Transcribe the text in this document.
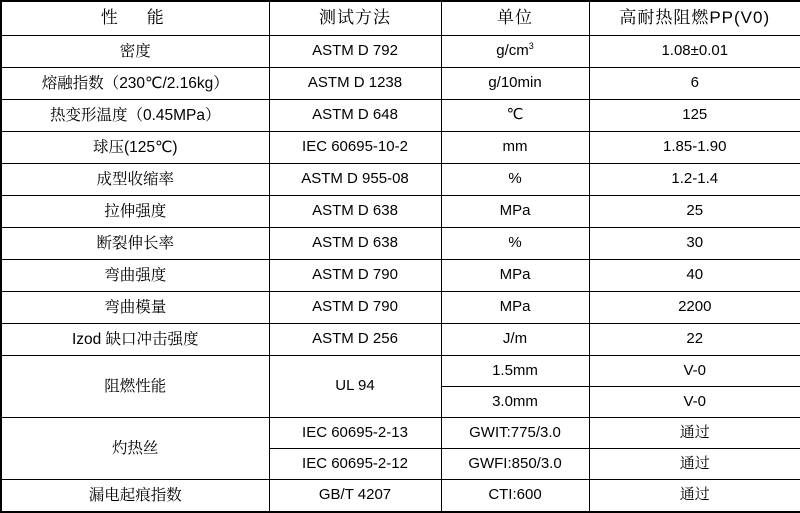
性　能	测试方法	单位	高耐热阻燃PP(V0)
密度	ASTM D 792	$g/cm^3$	1.08±0.01
熔融指数（230℃/2.16kg）	ASTM D 1238	g/10min	6
热变形温度（0.45MPa）	ASTM D 648	℃	125
球压(125℃)	IEC 60695-10-2	mm	1.85-1.90
成型收缩率	ASTM D 955-08	%	1.2-1.4
拉伸强度	ASTM D 638	MPa	25
断裂伸长率	ASTM D 638	%	30
弯曲强度	ASTM D 790	MPa	40
弯曲模量	ASTM D 790	MPa	2200
Izod 缺口冲击强度	ASTM D 256	J/m	22
阻燃性能	UL 94	1.5mm	V-0
		3.0mm	V-0
灼热丝	IEC 60695-2-13	GWIT:775/3.0	通过
	IEC 60695-2-12	GWFI:850/3.0	通过
漏电起痕指数	GB/T 4207	CTI:600	通过
